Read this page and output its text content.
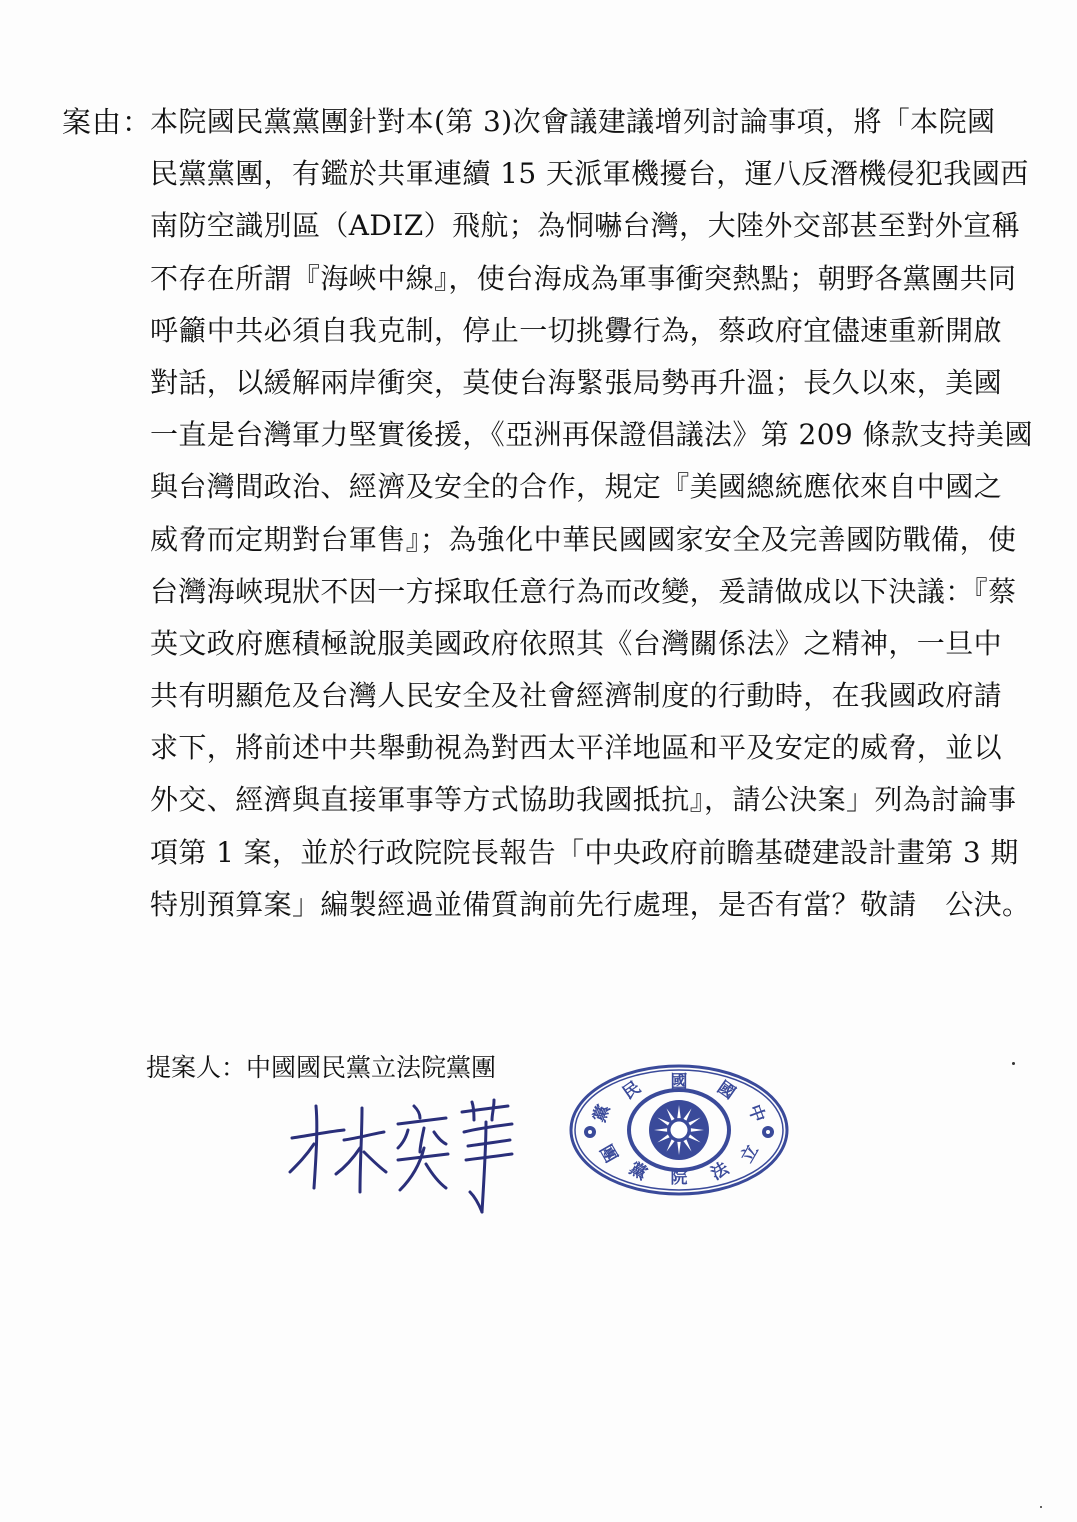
案由：
本院國民黨黨團針對本(第 3)次會議建議增列討論事項，將「本院國
民黨黨團，有鑑於共軍連續 15 天派軍機擾台，運八反潛機侵犯我國西
南防空識別區（ADIZ）飛航；為恫嚇台灣，大陸外交部甚至對外宣稱
不存在所謂『海峽中線』，使台海成為軍事衝突熱點；朝野各黨團共同
呼籲中共必須自我克制，停止一切挑釁行為，蔡政府宜儘速重新開啟
對話，以緩解兩岸衝突，莫使台海緊張局勢再升溫；長久以來，美國
一直是台灣軍力堅實後援，《亞洲再保證倡議法》第 209 條款支持美國
與台灣間政治、經濟及安全的合作，規定『美國總統應依來自中國之
威脅而定期對台軍售』；為強化中華民國國家安全及完善國防戰備，使
台灣海峽現狀不因一方採取任意行為而改變，爰請做成以下決議：『蔡
英文政府應積極說服美國政府依照其《台灣關係法》之精神，一旦中
共有明顯危及台灣人民安全及社會經濟制度的行動時，在我國政府請
求下，將前述中共舉動視為對西太平洋地區和平及安定的威脅，並以
外交、經濟與直接軍事等方式協助我國抵抗』，請公決案」列為討論事
項第 1 案，並於行政院院長報告「中央政府前瞻基礎建設計畫第 3 期
特別預算案」編製經過並備質詢前先行處理，是否有當？敬請　公決。
提案人：中國國民黨立法院黨團
黨
民 國 國
中
團
黨 院 法
立
